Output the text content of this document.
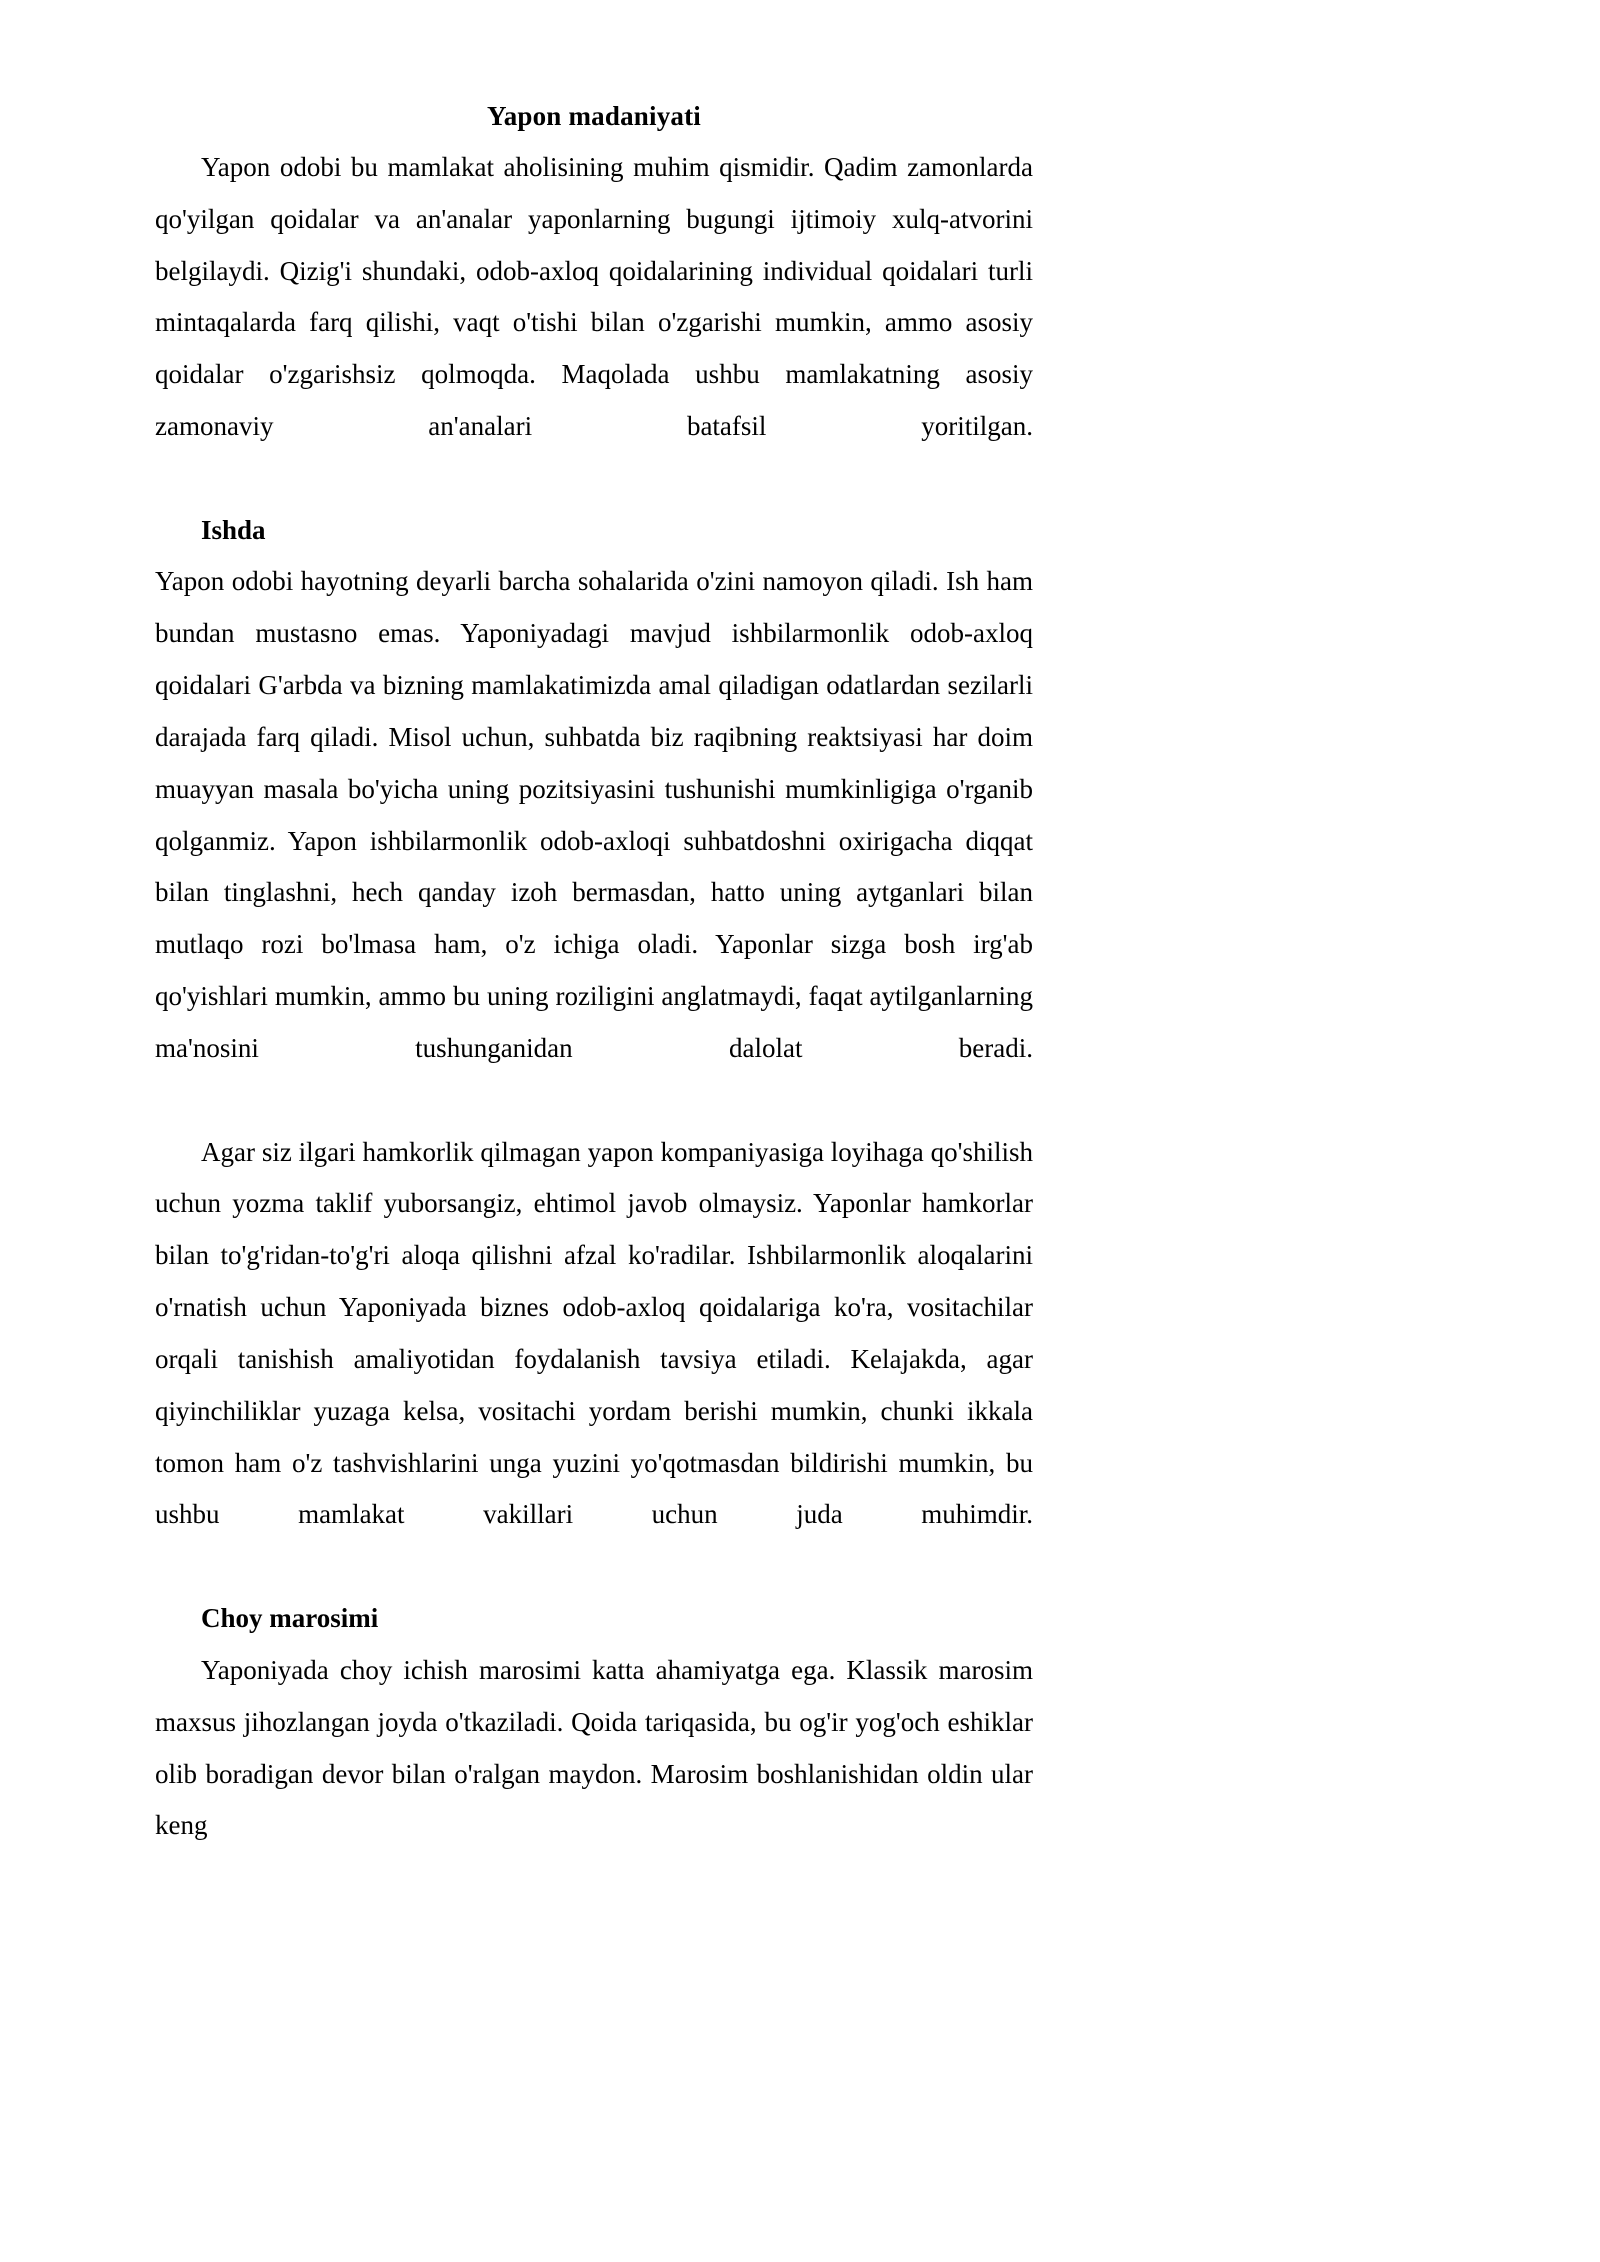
Yapon madaniyati

Yapon odobi bu mamlakat aholisining muhim qismidir. Qadim zamonlarda qo'yilgan qoidalar va an'analar yaponlarning bugungi ijtimoiy xulq-atvorini belgilaydi. Qizig'i shundaki, odob-axloq qoidalarining individual qoidalari turli mintaqalarda farq qilishi, vaqt o'tishi bilan o'zgarishi mumkin, ammo asosiy qoidalar o'zgarishsiz qolmoqda. Maqolada ushbu mamlakatning asosiy zamonaviy an'analari batafsil yoritilgan.

Ishda

Yapon odobi hayotning deyarli barcha sohalarida o'zini namoyon qiladi. Ish ham bundan mustasno emas. Yaponiyadagi mavjud ishbilarmonlik odob-axloq qoidalari G'arbda va bizning mamlakatimizda amal qiladigan odatlardan sezilarli darajada farq qiladi. Misol uchun, suhbatda biz raqibning reaktsiyasi har doim muayyan masala bo'yicha uning pozitsiyasini tushunishi mumkinligiga o'rganib qolganmiz. Yapon ishbilarmonlik odob-axloqi suhbatdoshni oxirigacha diqqat bilan tinglashni, hech qanday izoh bermasdan, hatto uning aytganlari bilan mutlaqo rozi bo'lmasa ham, o'z ichiga oladi. Yaponlar sizga bosh irg'ab qo'yishlari mumkin, ammo bu uning roziligini anglatmaydi, faqat aytilganlarning ma'nosini tushunganidan dalolat beradi.

Agar siz ilgari hamkorlik qilmagan yapon kompaniyasiga loyihaga qo'shilish uchun yozma taklif yuborsangiz, ehtimol javob olmaysiz. Yaponlar hamkorlar bilan to'g'ridan-to'g'ri aloqa qilishni afzal ko'radilar. Ishbilarmonlik aloqalarini o'rnatish uchun Yaponiyada biznes odob-axloq qoidalariga ko'ra, vositachilar orqali tanishish amaliyotidan foydalanish tavsiya etiladi. Kelajakda, agar qiyinchiliklar yuzaga kelsa, vositachi yordam berishi mumkin, chunki ikkala tomon ham o'z tashvishlarini unga yuzini yo'qotmasdan bildirishi mumkin, bu ushbu mamlakat vakillari uchun juda muhimdir.

Choy marosimi

Yaponiyada choy ichish marosimi katta ahamiyatga ega. Klassik marosim maxsus jihozlangan joyda o'tkaziladi. Qoida tariqasida, bu og'ir yog'och eshiklar olib boradigan devor bilan o'ralgan maydon. Marosim boshlanishidan oldin ular keng
